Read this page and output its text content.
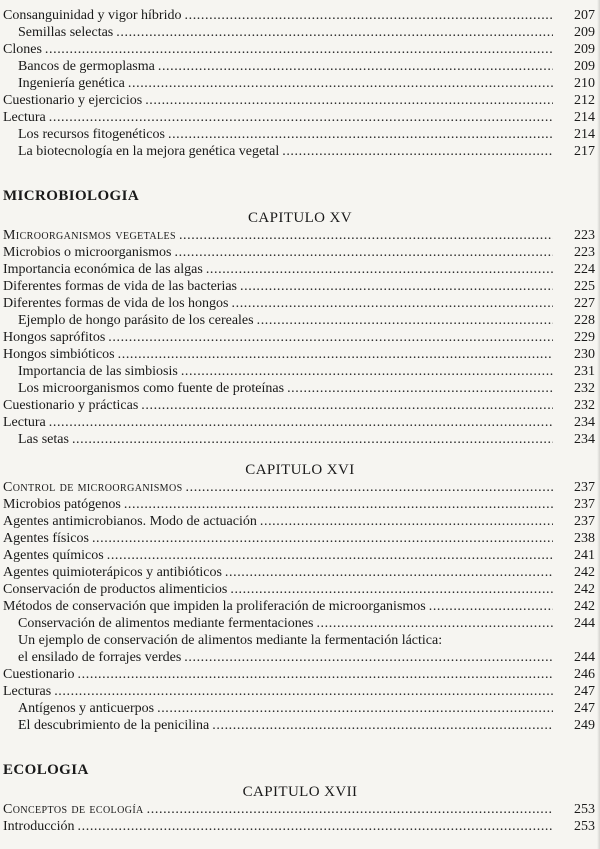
Consanguinidad y vigor híbrido .....	207
Semillas selectas .....	209
Clones .....	209
Bancos de germoplasma .....	209
Ingeniería genética .....	210
Cuestionario y ejercicios .....	212
Lectura .....	214
Los recursos fitogenéticos .....	214
La biotecnología en la mejora genética vegetal .....	217
MICROBIOLOGIA
CAPITULO XV
Microorganismos vegetales .....	223
Microbios o microorganismos .....	223
Importancia económica de las algas .....	224
Diferentes formas de vida de las bacterias .....	225
Diferentes formas de vida de los hongos .....	227
Ejemplo de hongo parásito de los cereales .....	228
Hongos saprófitos .....	229
Hongos simbióticos .....	230
Importancia de las simbiosis .....	231
Los microorganismos como fuente de proteínas .....	232
Cuestionario y prácticas .....	232
Lectura .....	234
Las setas .....	234
CAPITULO XVI
Control de microorganismos .....	237
Microbios patógenos .....	237
Agentes antimicrobianos. Modo de actuación .....	237
Agentes físicos .....	238
Agentes químicos .....	241
Agentes quimioterápicos y antibióticos .....	242
Conservación de productos alimenticios .....	242
Métodos de conservación que impiden la proliferación de microorganismos .....	242
Conservación de alimentos mediante fermentaciones .....	244
Un ejemplo de conservación de alimentos mediante la fermentación láctica:
el ensilado de forrajes verdes .....	244
Cuestionario .....	246
Lecturas .....	247
Antígenos y anticuerpos .....	247
El descubrimiento de la penicilina .....	249
ECOLOGIA
CAPITULO XVII
Conceptos de ecología .....	253
Introducción .....	253
